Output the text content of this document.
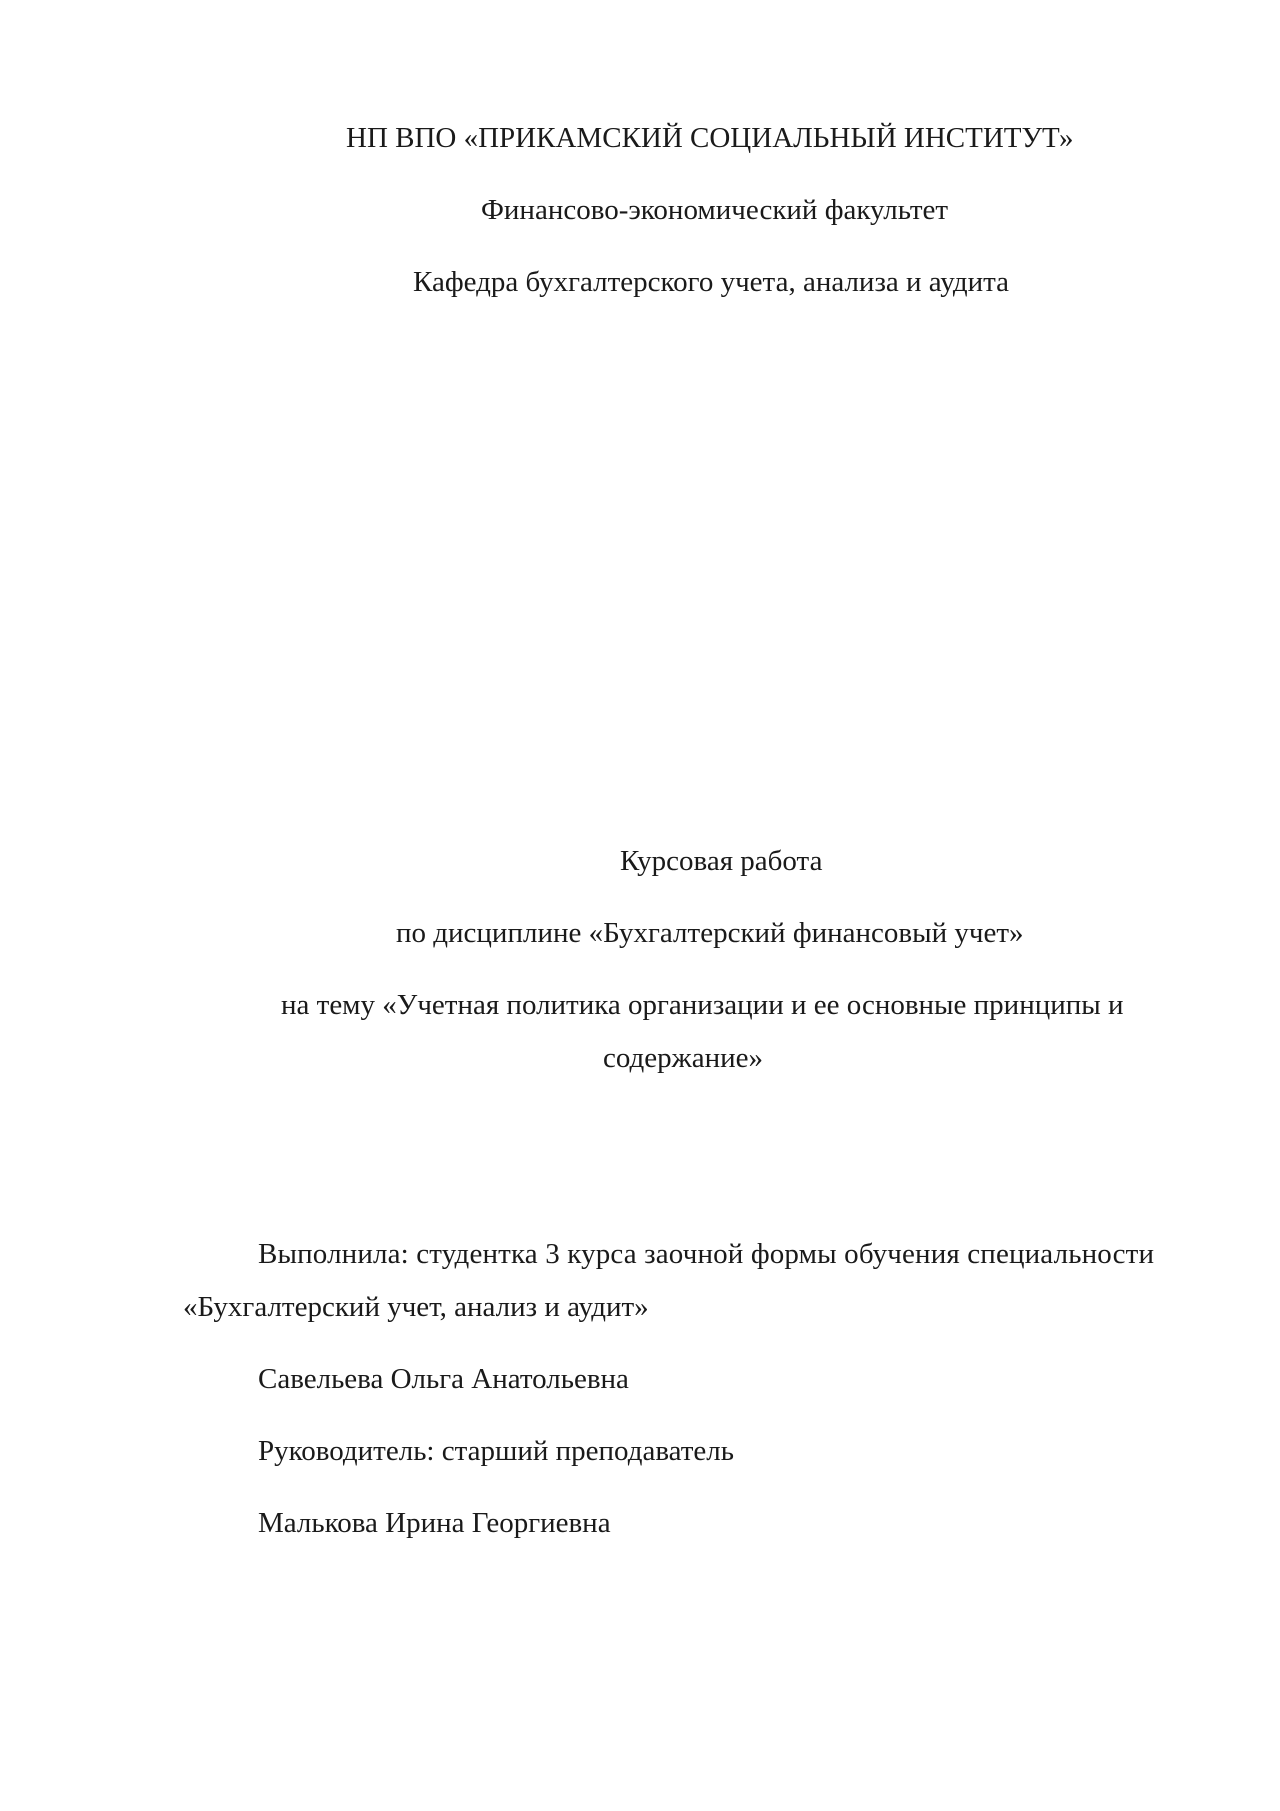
НП ВПО «ПРИКАМСКИЙ СОЦИАЛЬНЫЙ ИНСТИТУТ»
Финансово-экономический факультет
Кафедра бухгалтерского учета, анализа и аудита
Курсовая работа
по дисциплине «Бухгалтерский финансовый учет»
на тему «Учетная политика организации и ее основные принципы и
содержание»
Выполнила: студентка 3 курса заочной формы обучения специальности
«Бухгалтерский учет, анализ и аудит»
Савельева Ольга Анатольевна
Руководитель: старший преподаватель
Малькова Ирина Георгиевна
